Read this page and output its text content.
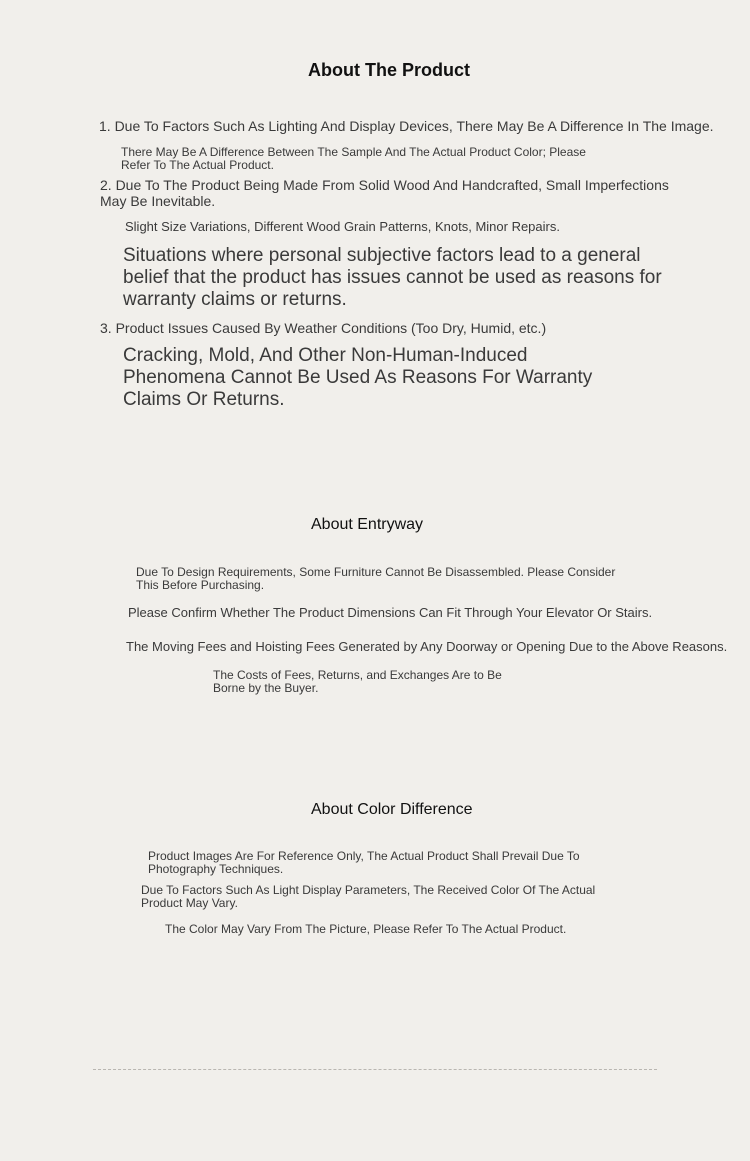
About The Product
1. Due To Factors Such As Lighting And Display Devices, There May Be A Difference In The Image.
There May Be A Difference Between The Sample And The Actual Product Color; Please Refer To The Actual Product.
2. Due To The Product Being Made From Solid Wood And Handcrafted, Small Imperfections May Be Inevitable.
Slight Size Variations, Different Wood Grain Patterns, Knots, Minor Repairs.
Situations where personal subjective factors lead to a general belief that the product has issues cannot be used as reasons for warranty claims or returns.
3. Product Issues Caused By Weather Conditions (Too Dry, Humid, etc.)
Cracking, Mold, And Other Non-Human-Induced Phenomena Cannot Be Used As Reasons For Warranty Claims Or Returns.
About Entryway
Due To Design Requirements, Some Furniture Cannot Be Disassembled. Please Consider This Before Purchasing.
Please Confirm Whether The Product Dimensions Can Fit Through Your Elevator Or Stairs.
The Moving Fees and Hoisting Fees Generated by Any Doorway or Opening Due to the Above Reasons.
The Costs of Fees, Returns, and Exchanges Are to Be Borne by the Buyer.
About Color Difference
Product Images Are For Reference Only, The Actual Product Shall Prevail Due To Photography Techniques.
Due To Factors Such As Light Display Parameters, The Received Color Of The Actual Product May Vary.
The Color May Vary From The Picture, Please Refer To The Actual Product.
